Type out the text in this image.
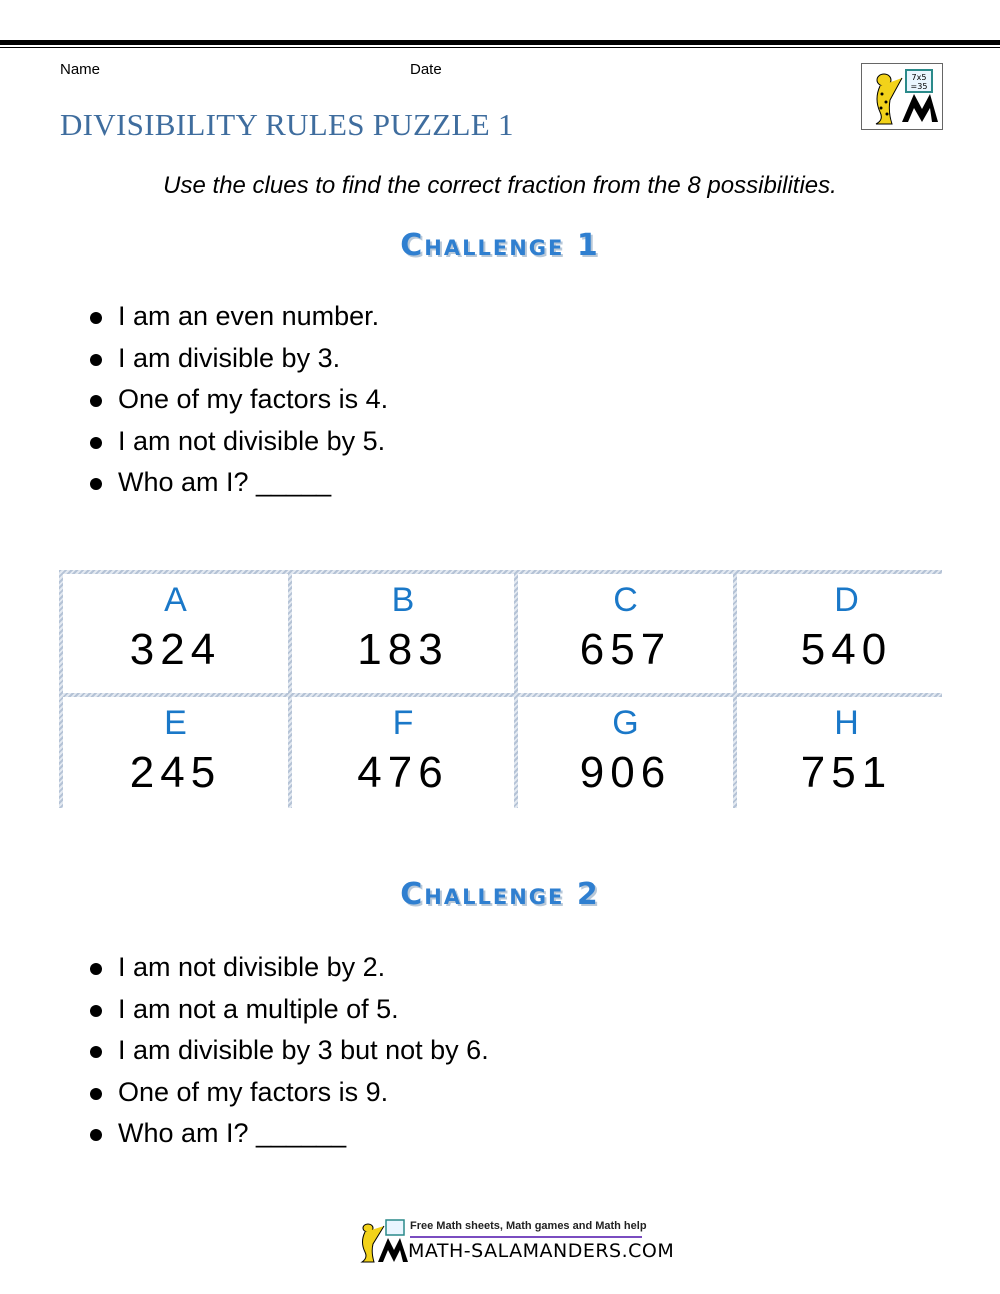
Name	Date
DIVISIBILITY RULES PUZZLE 1
7x5
=35
Use the clues to find the correct fraction from the 8 possibilities.
Challenge 1
I am an even number.
I am divisible by 3.
One of my factors is 4.
I am not divisible by 5.
Who am I? _____
A
324
B
183
C
657
D
540
E
245
F
476
G
906
H
751
Challenge 2
I am not divisible by 2.
I am not a multiple of 5.
I am divisible by 3 but not by 6.
One of my factors is 9.
Who am I? ______
Free Math sheets, Math games and Math help
MATH-SALAMANDERS.COM
